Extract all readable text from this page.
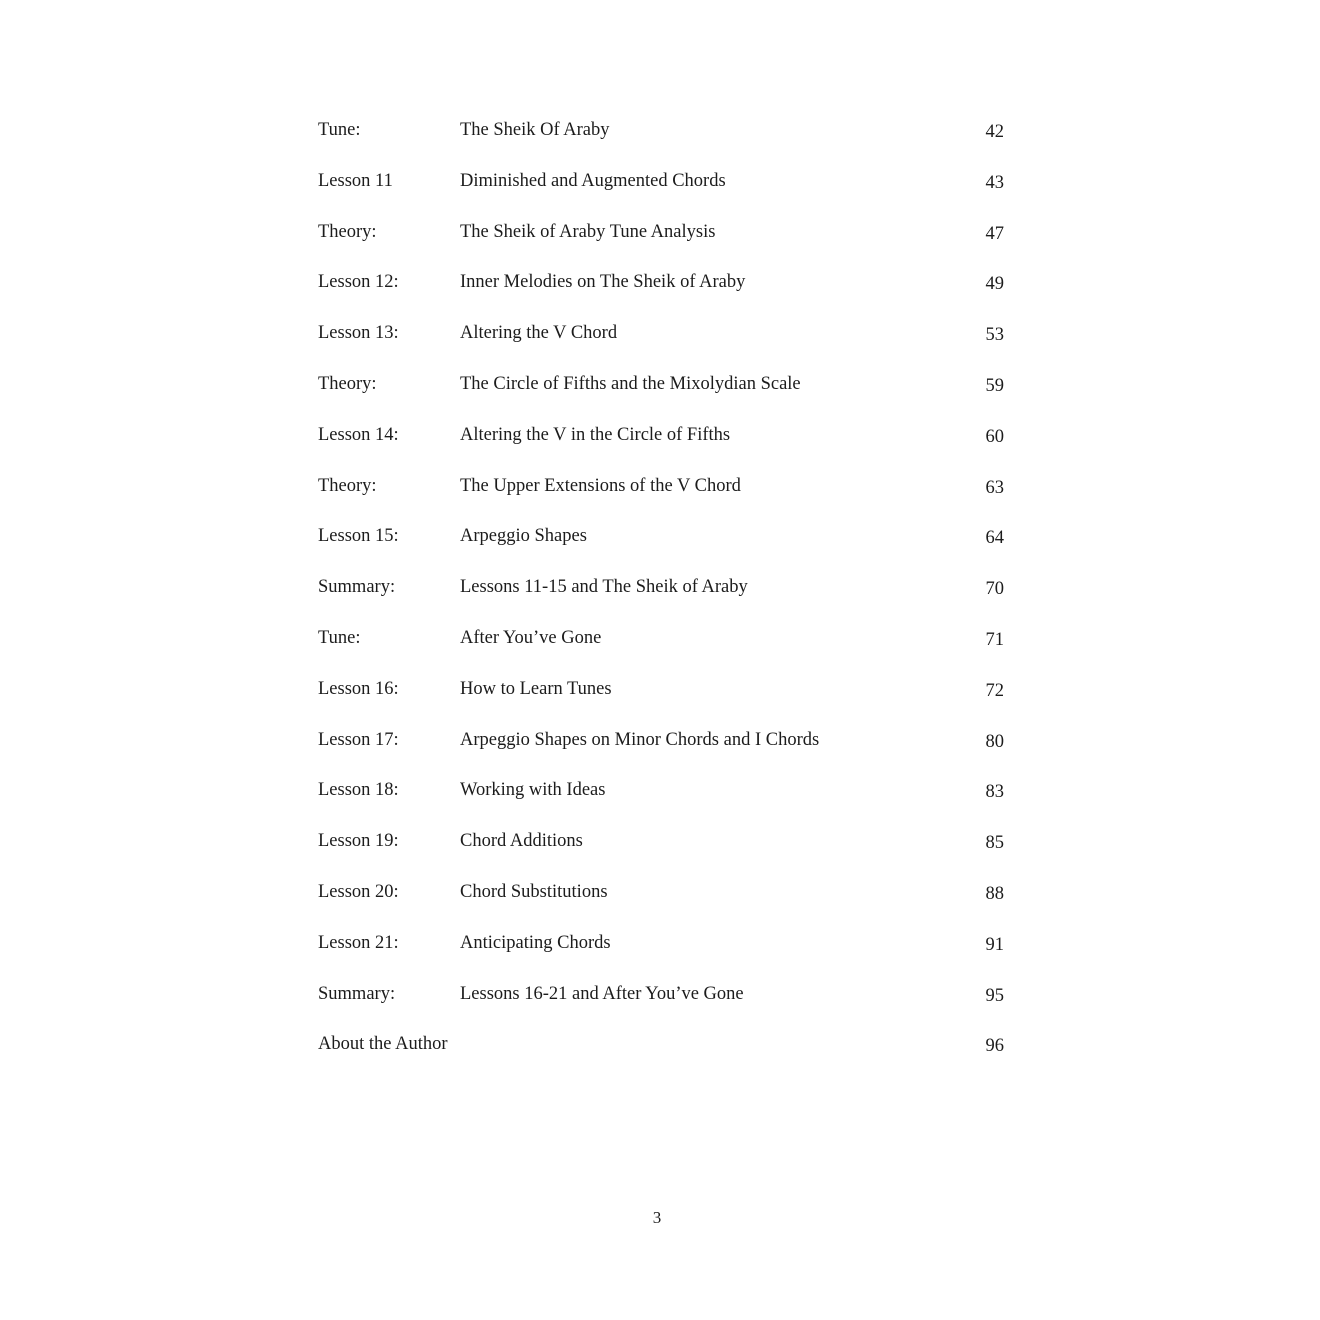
Tune:	The Sheik Of Araby	42
Lesson 11	Diminished and Augmented Chords	43
Theory:	The Sheik of Araby Tune Analysis	47
Lesson 12:	Inner Melodies on The Sheik of Araby	49
Lesson 13:	Altering the V Chord	53
Theory:	The Circle of Fifths and the Mixolydian Scale	59
Lesson 14:	Altering the V in the Circle of Fifths	60
Theory:	The Upper Extensions of the V Chord	63
Lesson 15:	Arpeggio Shapes	64
Summary:	Lessons 11-15 and The Sheik of Araby	70
Tune:	After You’ve Gone	71
Lesson 16:	How to Learn Tunes	72
Lesson 17:	Arpeggio Shapes on Minor Chords and I Chords	80
Lesson 18:	Working with Ideas	83
Lesson 19:	Chord Additions	85
Lesson 20:	Chord Substitutions	88
Lesson 21:	Anticipating Chords	91
Summary:	Lessons 16-21 and After You’ve Gone	95
About the Author	96
3
